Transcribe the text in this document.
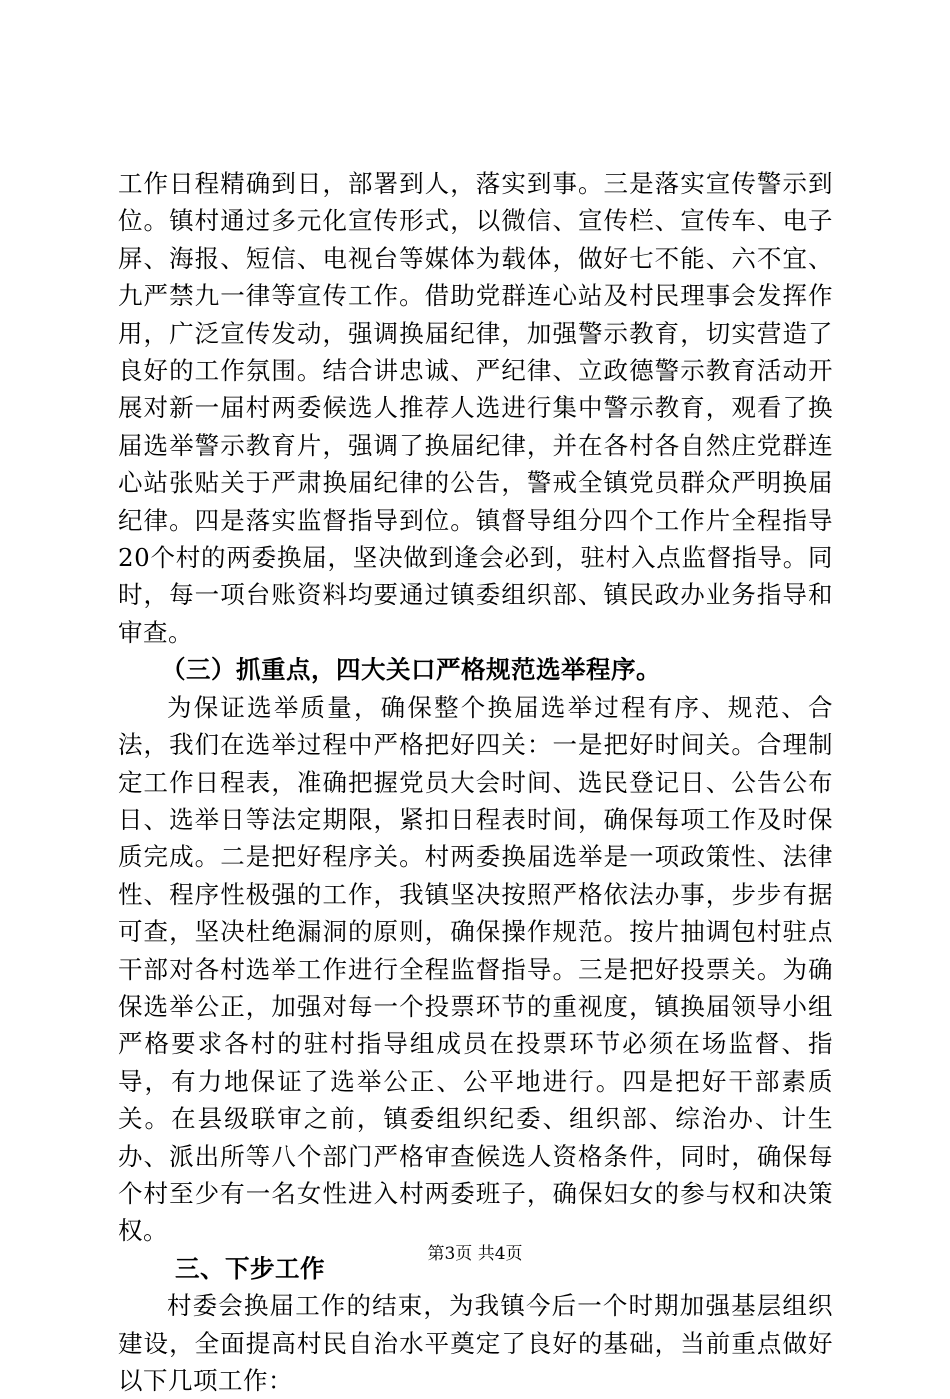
工作日程精确到日，部署到人，落实到事。三是落实宣传警示到位。镇村通过多元化宣传形式，以微信、宣传栏、宣传车、电子屏、海报、短信、电视台等媒体为载体，做好七不能、六不宜、九严禁九一律等宣传工作。借助党群连心站及村民理事会发挥作用，广泛宣传发动，强调换届纪律，加强警示教育，切实营造了良好的工作氛围。结合讲忠诚、严纪律、立政德警示教育活动开展对新一届村两委候选人推荐人选进行集中警示教育，观看了换届选举警示教育片，强调了换届纪律，并在各村各自然庄党群连心站张贴关于严肃换届纪律的公告，警戒全镇党员群众严明换届纪律。四是落实监督指导到位。镇督导组分四个工作片全程指导20个村的两委换届，坚决做到逢会必到，驻村入点监督指导。同时，每一项台账资料均要通过镇委组织部、镇民政办业务指导和审查。

（三）抓重点，四大关口严格规范选举程序。

为保证选举质量，确保整个换届选举过程有序、规范、合法，我们在选举过程中严格把好四关：一是把好时间关。合理制定工作日程表，准确把握党员大会时间、选民登记日、公告公布日、选举日等法定期限，紧扣日程表时间，确保每项工作及时保质完成。二是把好程序关。村两委换届选举是一项政策性、法律性、程序性极强的工作，我镇坚决按照严格依法办事，步步有据可查，坚决杜绝漏洞的原则，确保操作规范。按片抽调包村驻点干部对各村选举工作进行全程监督指导。三是把好投票关。为确保选举公正，加强对每一个投票环节的重视度，镇换届领导小组严格要求各村的驻村指导组成员在投票环节必须在场监督、指导，有力地保证了选举公正、公平地进行。四是把好干部素质关。在县级联审之前，镇委组织纪委、组织部、综治办、计生办、派出所等八个部门严格审查候选人资格条件，同时，确保每个村至少有一名女性进入村两委班子，确保妇女的参与权和决策权。

三、下步工作

村委会换届工作的结束，为我镇今后一个时期加强基层组织建设，全面提高村民自治水平奠定了良好的基础，当前重点做好以下几项工作：

第3页 共4页
